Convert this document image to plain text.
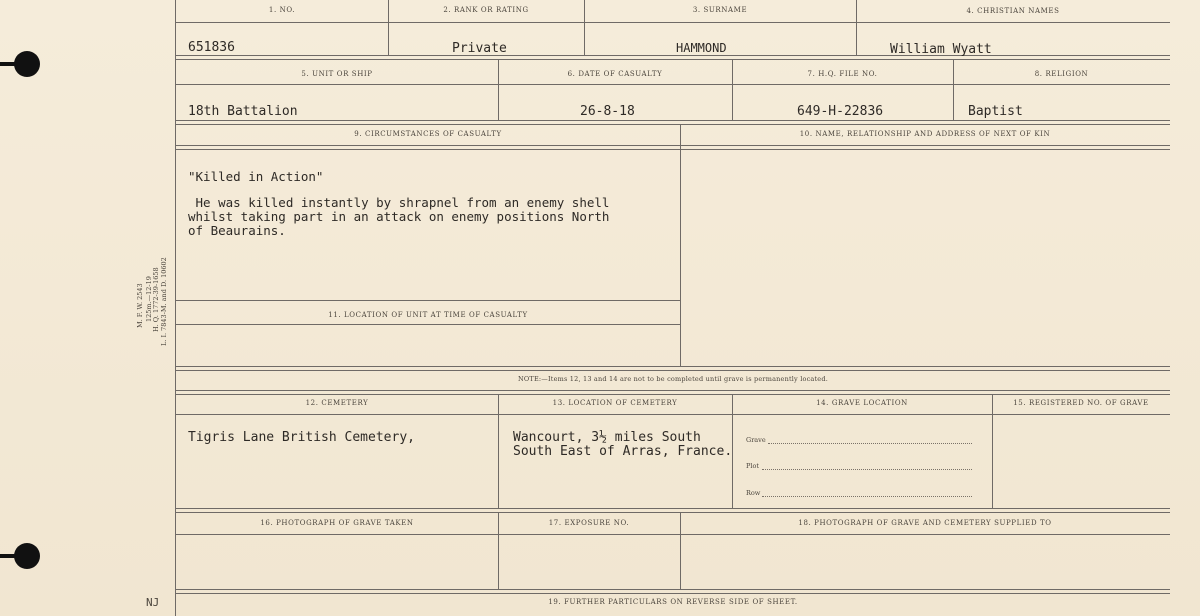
M. F. W. 2543 125m.—12-19 H. Q. 1772-39-1658 L. I. 7843-M. and D. 10602
NJ
1. NO.	2. RANK OR RATING	3. SURNAME	4. CHRISTIAN NAMES
651836	Private	HAMMOND	William Wyatt
5. UNIT OR SHIP	6. DATE OF CASUALTY	7. H.Q. FILE NO.	8. RELIGION
18th Battalion	26-8-18	649-H-22836	Baptist
9. CIRCUMSTANCES OF CASUALTY	10. NAME, RELATIONSHIP AND ADDRESS OF NEXT OF KIN
11. LOCATION OF UNIT AT TIME OF CASUALTY
"Killed in Action"
He was killed instantly by shrapnel from an enemy shell
whilst taking part in an attack on enemy positions North
of Beaurains.
NOTE:—Items 12, 13 and 14 are not to be completed until grave is permanently located.
12. CEMETERY	13. LOCATION OF CEMETERY	14. GRAVE LOCATION	15. REGISTERED NO. OF GRAVE
Tigris Lane British Cemetery,	Wancourt, 3½ miles South
South East of Arras, France.
Grave
Plot
Row
16. PHOTOGRAPH OF GRAVE TAKEN	17. EXPOSURE NO.	18. PHOTOGRAPH OF GRAVE AND CEMETERY SUPPLIED TO
19. FURTHER PARTICULARS ON REVERSE SIDE OF SHEET.
